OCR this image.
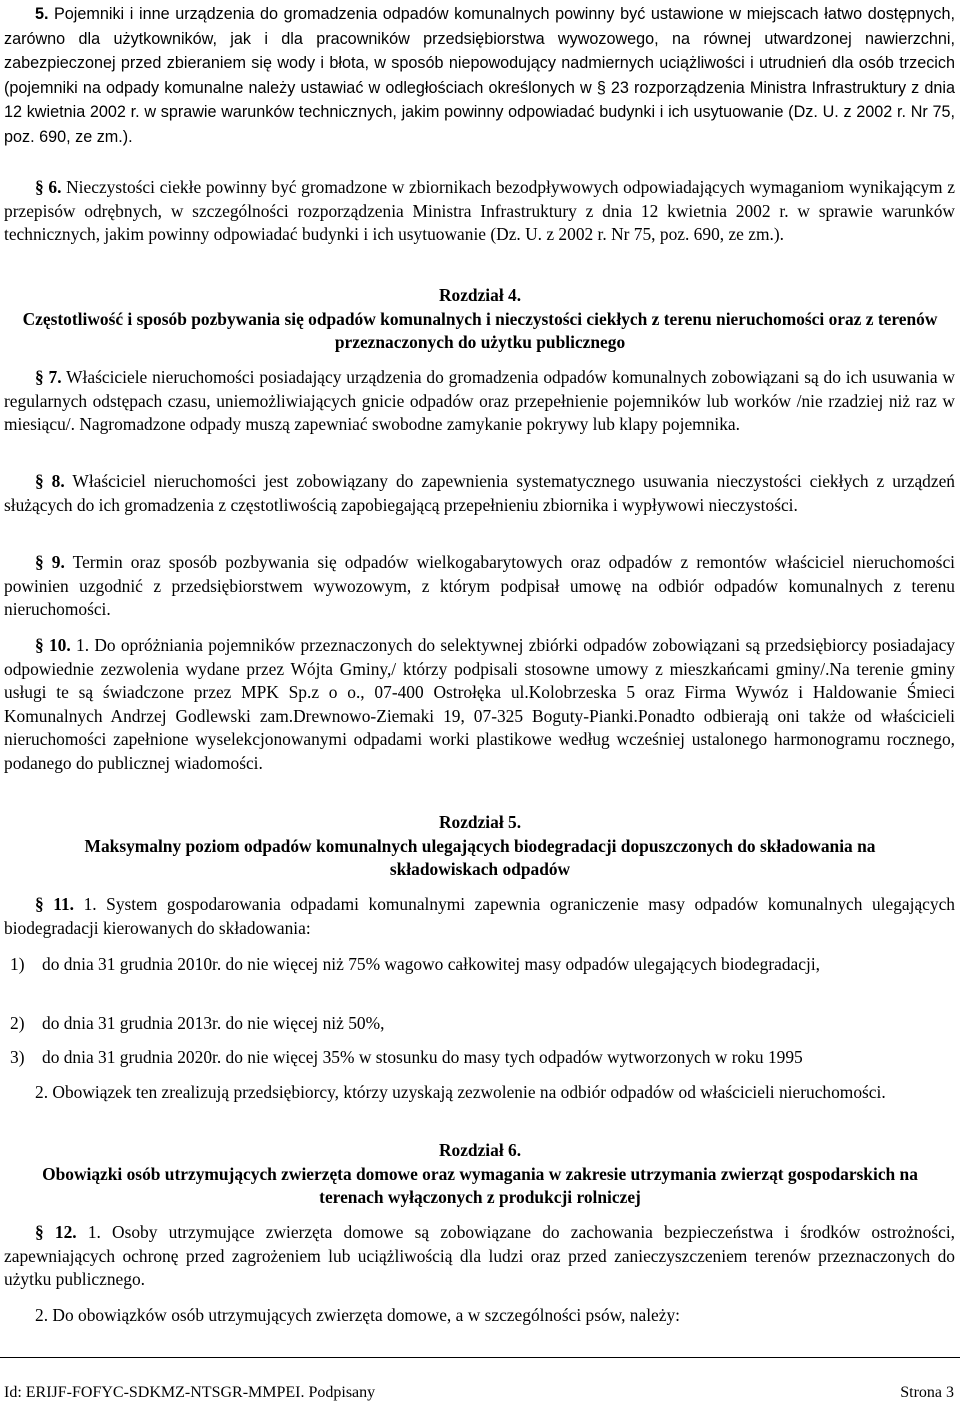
5. Pojemniki i inne urządzenia do gromadzenia odpadów komunalnych powinny być ustawione w miejscach łatwo dostępnych, zarówno dla użytkowników, jak i dla pracowników przedsiębiorstwa wywozowego, na równej utwardzonej nawierzchni, zabezpieczonej przed zbieraniem się wody i błota, w sposób niepowodujący nadmiernych uciążliwości i utrudnień dla osób trzecich (pojemniki na odpady komunalne należy ustawiać w odległościach określonych w § 23 rozporządzenia Ministra Infrastruktury z dnia 12 kwietnia 2002 r. w sprawie warunków technicznych, jakim powinny odpowiadać budynki i ich usytuowanie (Dz. U. z 2002 r. Nr 75, poz. 690, ze zm.).

§ 6. Nieczystości ciekłe powinny być gromadzone w zbiornikach bezodpływowych odpowiadających wymaganiom wynikającym z przepisów odrębnych, w szczególności rozporządzenia Ministra Infrastruktury z dnia 12 kwietnia 2002 r. w sprawie warunków technicznych, jakim powinny odpowiadać budynki i ich usytuowanie (Dz. U. z 2002 r. Nr 75, poz. 690, ze zm.).

Rozdział 4.
Częstotliwość i sposób pozbywania się odpadów komunalnych i nieczystości ciekłych z terenu nieruchomości oraz z terenów przeznaczonych do użytku publicznego

§ 7. Właściciele nieruchomości posiadający urządzenia do gromadzenia odpadów komunalnych zobowiązani są do ich usuwania w regularnych odstępach czasu, uniemożliwiających gnicie odpadów oraz przepełnienie pojemników lub worków /nie rzadziej niż raz w miesiącu/. Nagromadzone odpady muszą zapewniać swobodne zamykanie pokrywy lub klapy pojemnika.

§ 8. Właściciel nieruchomości jest zobowiązany do zapewnienia systematycznego usuwania nieczystości ciekłych z urządzeń służących do ich gromadzenia z częstotliwością zapobiegającą przepełnieniu zbiornika i wypływowi nieczystości.

§ 9. Termin oraz sposób pozbywania się odpadów wielkogabarytowych oraz odpadów z remontów właściciel nieruchomości powinien uzgodnić z przedsiębiorstwem wywozowym, z którym podpisał umowę na odbiór odpadów komunalnych z terenu nieruchomości.

§ 10. 1. Do opróżniania pojemników przeznaczonych do selektywnej zbiórki odpadów zobowiązani są przedsiębiorcy posiadajacy odpowiednie zezwolenia wydane przez Wójta Gminy,/ którzy podpisali stosowne umowy z mieszkańcami gminy/.Na terenie gminy usługi te są świadczone przez MPK Sp.z o o., 07-400 Ostrołęka ul.Kolobrzeska 5 oraz Firma Wywóz i Haldowanie Śmieci Komunalnych Andrzej Godlewski zam.Drewnowo-Ziemaki 19, 07-325 Boguty-Pianki.Ponadto odbierają oni także od właścicieli nieruchomości zapełnione wyselekcjonowanymi odpadami worki plastikowe według wcześniej ustalonego harmonogramu rocznego, podanego do publicznej wiadomości.

Rozdział 5.
Maksymalny poziom odpadów komunalnych ulegających biodegradacji dopuszczonych do składowania na składowiskach odpadów

§ 11. 1. System gospodarowania odpadami komunalnymi zapewnia ograniczenie masy odpadów komunalnych ulegających biodegradacji kierowanych do składowania:

1) do dnia 31 grudnia 2010r. do nie więcej niż 75% wagowo całkowitej masy odpadów ulegających biodegradacji,
2) do dnia 31 grudnia 2013r. do nie więcej niż 50%,
3) do dnia 31 grudnia 2020r. do nie więcej 35% w stosunku do masy tych odpadów wytworzonych w roku 1995

2. Obowiązek ten zrealizują przedsiębiorcy, którzy uzyskają zezwolenie na odbiór odpadów od właścicieli nieruchomości.

Rozdział 6.
Obowiązki osób utrzymujących zwierzęta domowe oraz wymagania w zakresie utrzymania zwierząt gospodarskich na terenach wyłączonych z produkcji rolniczej

§ 12. 1. Osoby utrzymujące zwierzęta domowe są zobowiązane do zachowania bezpieczeństwa i środków ostrożności, zapewniających ochronę przed zagrożeniem lub uciążliwością dla ludzi oraz przed zanieczyszczeniem terenów przeznaczonych do użytku publicznego.

2. Do obowiązków osób utrzymujących zwierzęta domowe, a w szczególności psów, należy:

Id: ERIJF-FOFYC-SDKMZ-NTSGR-MMPEI. Podpisany	Strona 3
